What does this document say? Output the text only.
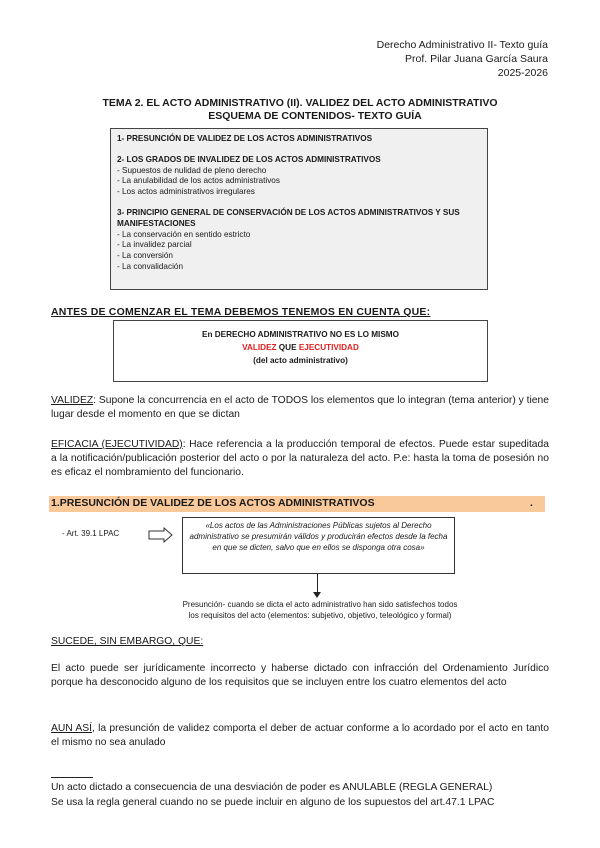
Derecho Administrativo II- Texto guía
Prof. Pilar Juana García Saura
2025-2026
TEMA 2. EL ACTO ADMINISTRATIVO (II). VALIDEZ DEL ACTO ADMINISTRATIVO
ESQUEMA DE CONTENIDOS- TEXTO GUÍA
1- PRESUNCIÓN DE VALIDEZ DE LOS ACTOS ADMINISTRATIVOS
2- LOS GRADOS DE INVALIDEZ DE LOS ACTOS ADMINISTRATIVOS
- Supuestos de nulidad de pleno derecho
- La anulabilidad de los actos administrativos
- Los actos administrativos irregulares
3- PRINCIPIO GENERAL DE CONSERVACIÓN DE LOS ACTOS ADMINISTRATIVOS Y SUS MANIFESTACIONES
- La conservación en sentido estricto
- La invalidez parcial
- La conversión
- La convalidación
ANTES DE COMENZAR EL TEMA DEBEMOS TENEMOS EN CUENTA QUE:
En DERECHO ADMINISTRATIVO NO ES LO MISMO
VALIDEZ QUE EJECUTIVIDAD
(del acto administrativo)
VALIDEZ: Supone la concurrencia en el acto de TODOS los elementos que lo integran (tema anterior) y tiene lugar desde el momento en que se dictan
EFICACIA (EJECUTIVIDAD): Hace referencia a la producción temporal de efectos. Puede estar supeditada a la notificación/publicación posterior del acto o por la naturaleza del acto. P.e: hasta la toma de posesión no es eficaz el nombramiento del funcionario.
1.PRESUNCIÓN DE VALIDEZ DE LOS ACTOS ADMINISTRATIVOS	.
- Art. 39.1 LPAC
«Los actos de las Administraciones Públicas sujetos al Derecho administrativo se presumirán válidos y producirán efectos desde la fecha en que se dicten, salvo que en ellos se disponga otra cosa»
Presunción- cuando se dicta el acto administrativo han sido satisfechos todos los requisitos del acto (elementos: subjetivo, objetivo, teleológico y formal)
SUCEDE, SIN EMBARGO, QUE:
El acto puede ser jurídicamente incorrecto y haberse dictado con infracción del Ordenamiento Jurídico porque ha desconocido alguno de los requisitos que se incluyen entre los cuatro elementos del acto
AUN ASÍ, la presunción de validez comporta el deber de actuar conforme a lo acordado por el acto en tanto el mismo no sea anulado
Un acto dictado a consecuencia de una desviación de poder es ANULABLE (REGLA GENERAL)
Se usa la regla general cuando no se puede incluir en alguno de los supuestos del art.47.1 LPAC
